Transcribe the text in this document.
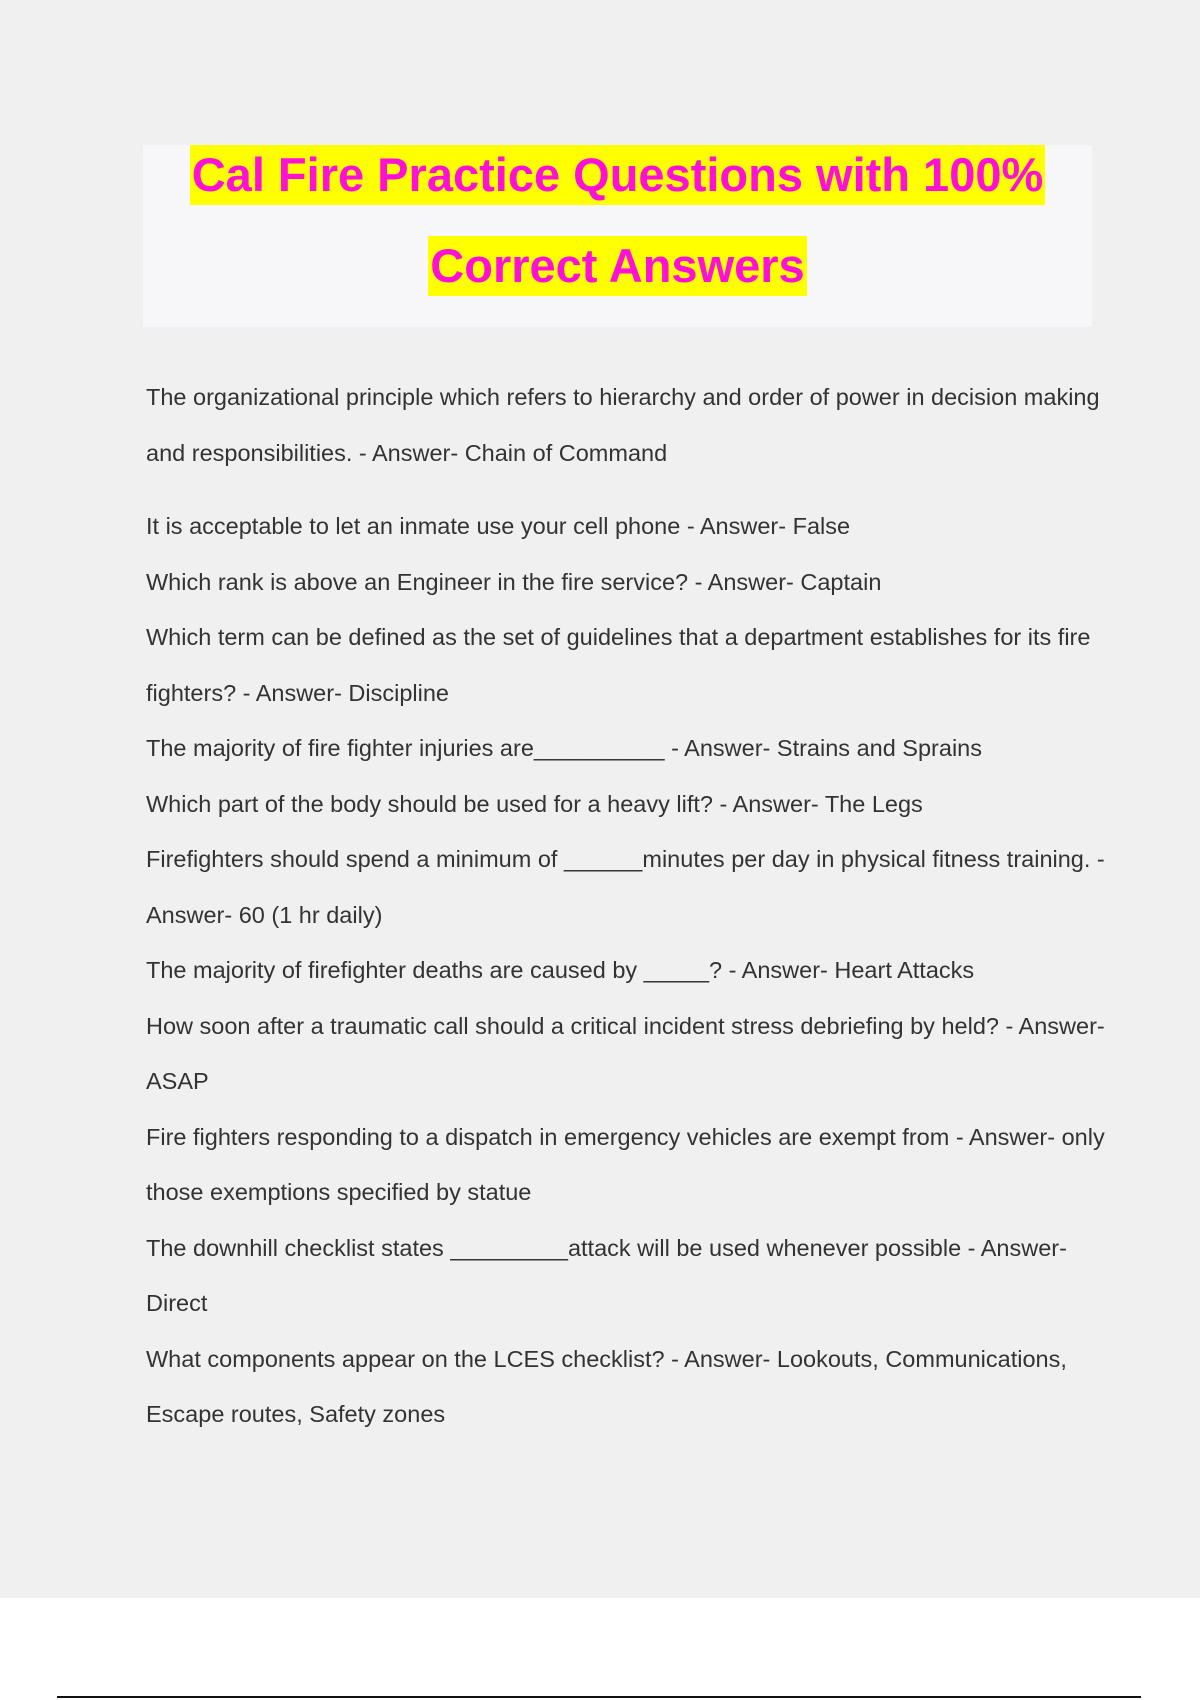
Cal Fire Practice Questions with 100%
Correct Answers

The organizational principle which refers to hierarchy and order of power in decision making and responsibilities. - Answer- Chain of Command

It is acceptable to let an inmate use your cell phone - Answer- False

Which rank is above an Engineer in the fire service? - Answer- Captain

Which term can be defined as the set of guidelines that a department establishes for its fire fighters? - Answer- Discipline

The majority of fire fighter injuries are__________ - Answer- Strains and Sprains

Which part of the body should be used for a heavy lift? - Answer- The Legs

Firefighters should spend a minimum of ______minutes per day in physical fitness training. - Answer- 60 (1 hr daily)

The majority of firefighter deaths are caused by _____? - Answer- Heart Attacks

How soon after a traumatic call should a critical incident stress debriefing by held? - Answer- ASAP

Fire fighters responding to a dispatch in emergency vehicles are exempt from - Answer- only those exemptions specified by statue

The downhill checklist states _________attack will be used whenever possible - Answer- Direct

What components appear on the LCES checklist? - Answer- Lookouts, Communications, Escape routes, Safety zones
